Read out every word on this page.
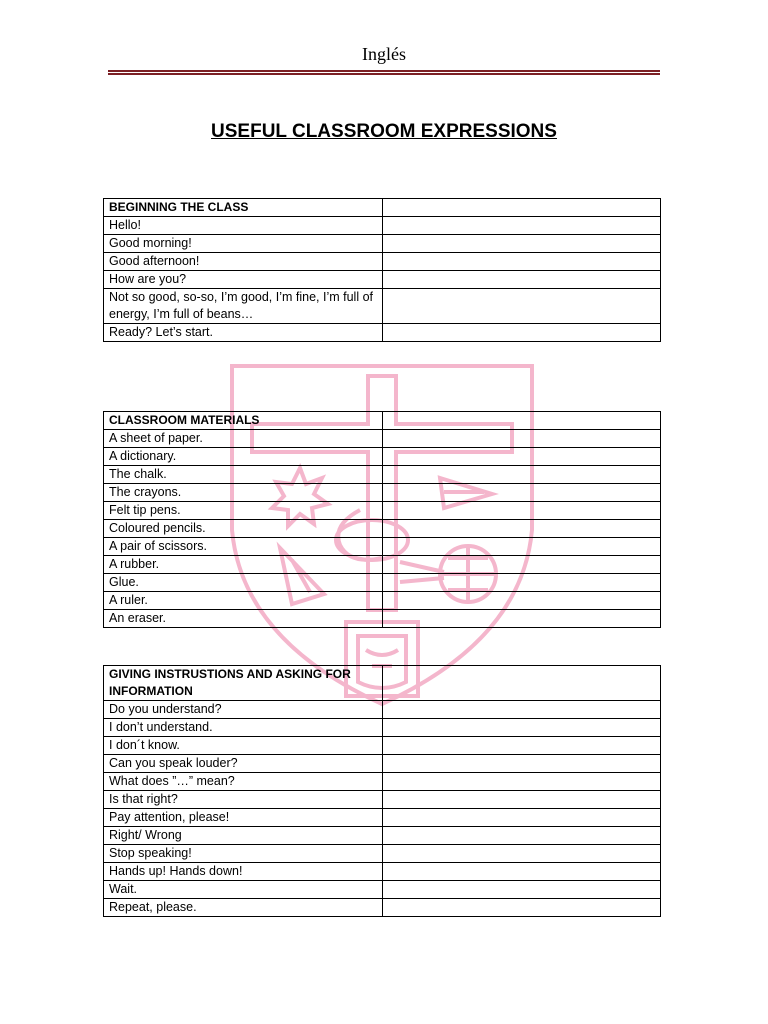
Inglés
USEFUL CLASSROOM EXPRESSIONS
BEGINNING THE CLASS	
Hello!	
Good morning!	
Good afternoon!	
How are you?	
Not so good, so-so, I’m good, I’m fine, I’m full of energy, I’m full of beans…	
Ready? Let’s start.	
CLASSROOM MATERIALS	
A sheet of paper.	
A dictionary.	
The chalk.	
The crayons.	
Felt tip pens.	
Coloured pencils.	
A pair of scissors.	
A rubber.	
Glue.	
A ruler.	
An eraser.	
GIVING INSTRUSTIONS AND ASKING FOR INFORMATION	
Do you understand?	
I don’t understand.	
I don´t know.	
Can you speak louder?	
What does ”…” mean?	
Is that right?	
Pay attention, please!	
Right/ Wrong	
Stop speaking!	
Hands up! Hands down!	
Wait.	
Repeat, please.	
